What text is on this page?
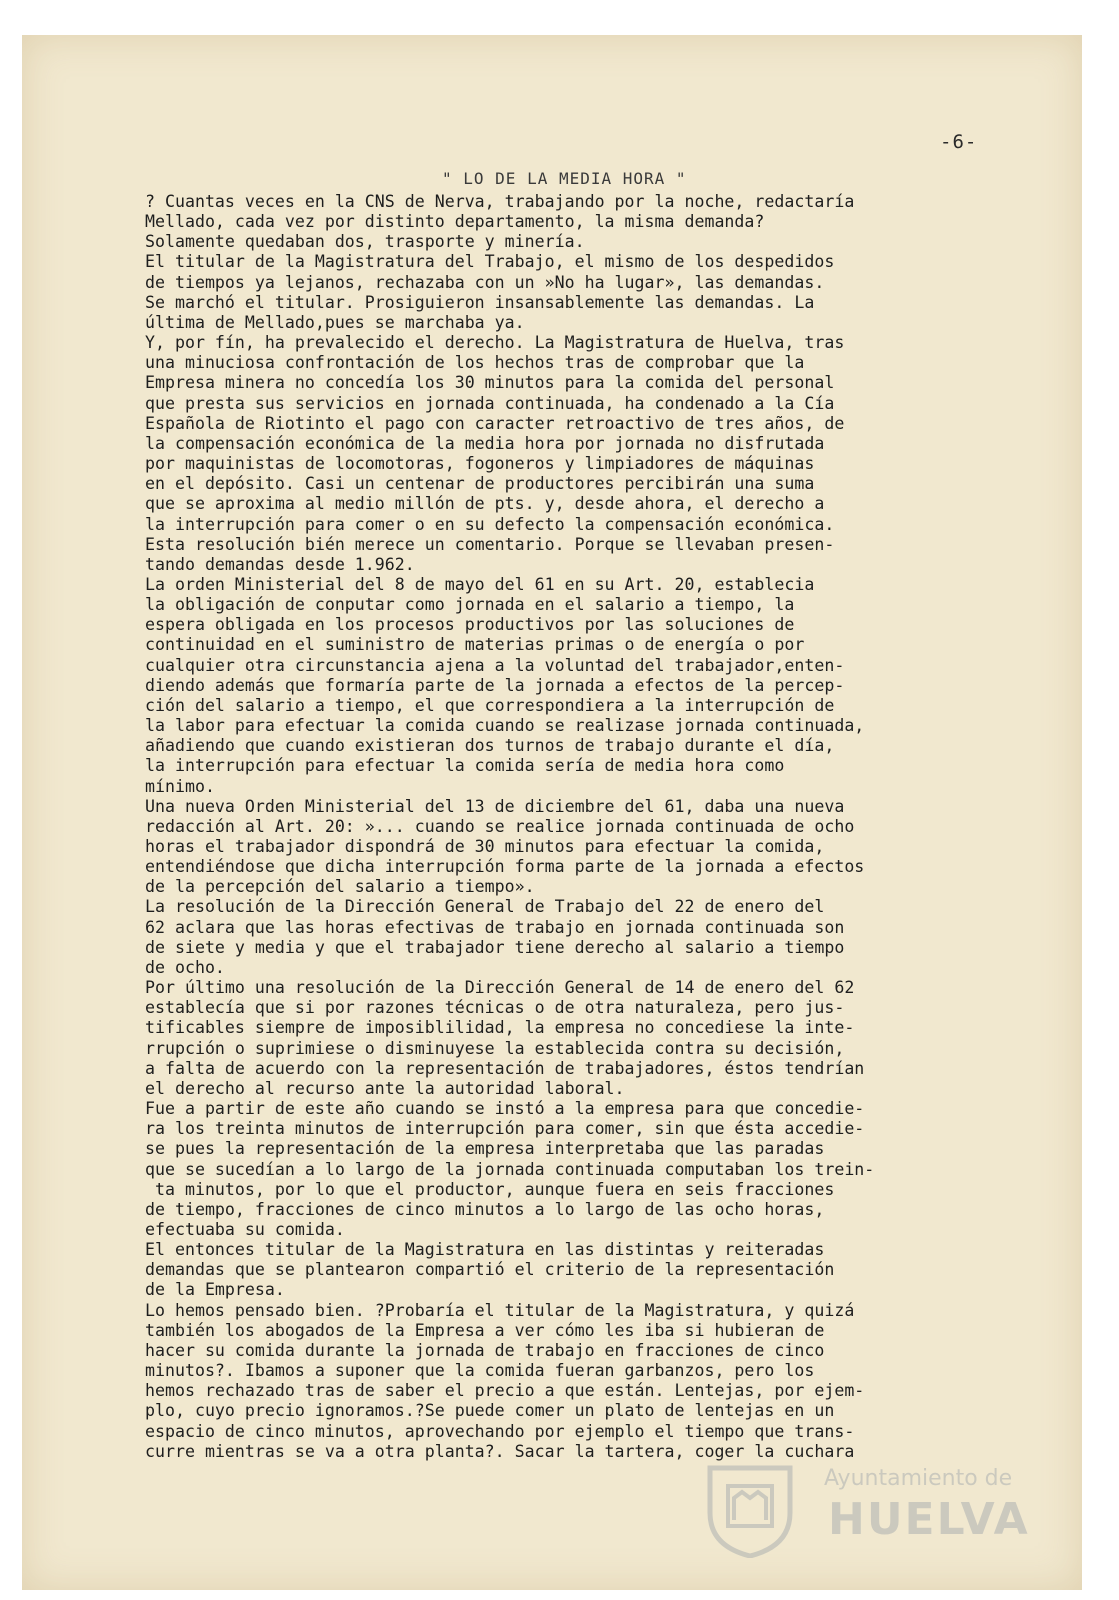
-6-
" LO DE LA MEDIA HORA "
? Cuantas veces en la CNS de Nerva, trabajando por la noche, redactaría
Mellado, cada vez por distinto departamento, la misma demanda?
Solamente quedaban dos, trasporte y minería.
El titular de la Magistratura del Trabajo, el mismo de los despedidos
de tiempos ya lejanos, rechazaba con un »No ha lugar», las demandas.
Se marchó el titular. Prosiguieron insansablemente las demandas. La
última de Mellado,pues se marchaba ya.
Y, por fín, ha prevalecido el derecho. La Magistratura de Huelva, tras
una minuciosa confrontación de los hechos tras de comprobar que la
Empresa minera no concedía los 30 minutos para la comida del personal
que presta sus servicios en jornada continuada, ha condenado a la Cía
Española de Riotinto el pago con caracter retroactivo de tres años, de
la compensación económica de la media hora por jornada no disfrutada
por maquinistas de locomotoras, fogoneros y limpiadores de máquinas
en el depósito. Casi un centenar de productores percibirán una suma
que se aproxima al medio millón de pts. y, desde ahora, el derecho a
la interrupción para comer o en su defecto la compensación económica.
Esta resolución bién merece un comentario. Porque se llevaban presen-
tando demandas desde 1.962.
La orden Ministerial del 8 de mayo del 61 en su Art. 20, establecia
la obligación de conputar como jornada en el salario a tiempo, la
espera obligada en los procesos productivos por las soluciones de
continuidad en el suministro de materias primas o de energía o por
cualquier otra circunstancia ajena a la voluntad del trabajador,enten-
diendo además que formaría parte de la jornada a efectos de la percep-
ción del salario a tiempo, el que correspondiera a la interrupción de
la labor para efectuar la comida cuando se realizase jornada continuada,
añadiendo que cuando existieran dos turnos de trabajo durante el día,
la interrupción para efectuar la comida sería de media hora como
mínimo.
Una nueva Orden Ministerial del 13 de diciembre del 61, daba una nueva
redacción al Art. 20: »... cuando se realice jornada continuada de ocho
horas el trabajador dispondrá de 30 minutos para efectuar la comida,
entendiéndose que dicha interrupción forma parte de la jornada a efectos
de la percepción del salario a tiempo».
La resolución de la Dirección General de Trabajo del 22 de enero del
62 aclara que las horas efectivas de trabajo en jornada continuada son
de siete y media y que el trabajador tiene derecho al salario a tiempo
de ocho.
Por último una resolución de la Dirección General de 14 de enero del 62
establecía que si por razones técnicas o de otra naturaleza, pero jus-
tificables siempre de imposiblilidad, la empresa no concediese la inte-
rrupción o suprimiese o disminuyese la establecida contra su decisión,
a falta de acuerdo con la representación de trabajadores, éstos tendrían
el derecho al recurso ante la autoridad laboral.
Fue a partir de este año cuando se instó a la empresa para que concedie-
ra los treinta minutos de interrupción para comer, sin que ésta accedie-
se pues la representación de la empresa interpretaba que las paradas
que se sucedían a lo largo de la jornada continuada computaban los trein-
ta minutos, por lo que el productor, aunque fuera en seis fracciones
de tiempo, fracciones de cinco minutos a lo largo de las ocho horas,
efectuaba su comida.
El entonces titular de la Magistratura en las distintas y reiteradas
demandas que se plantearon compartió el criterio de la representación
de la Empresa.
Lo hemos pensado bien. ?Probaría el titular de la Magistratura, y quizá
también los abogados de la Empresa a ver cómo les iba si hubieran de
hacer su comida durante la jornada de trabajo en fracciones de cinco
minutos?. Ibamos a suponer que la comida fueran garbanzos, pero los
hemos rechazado tras de saber el precio a que están. Lentejas, por ejem-
plo, cuyo precio ignoramos.?Se puede comer un plato de lentejas en un
espacio de cinco minutos, aprovechando por ejemplo el tiempo que trans-
curre mientras se va a otra planta?. Sacar la tartera, coger la cuchara
Ayuntamiento de
HUELVA
